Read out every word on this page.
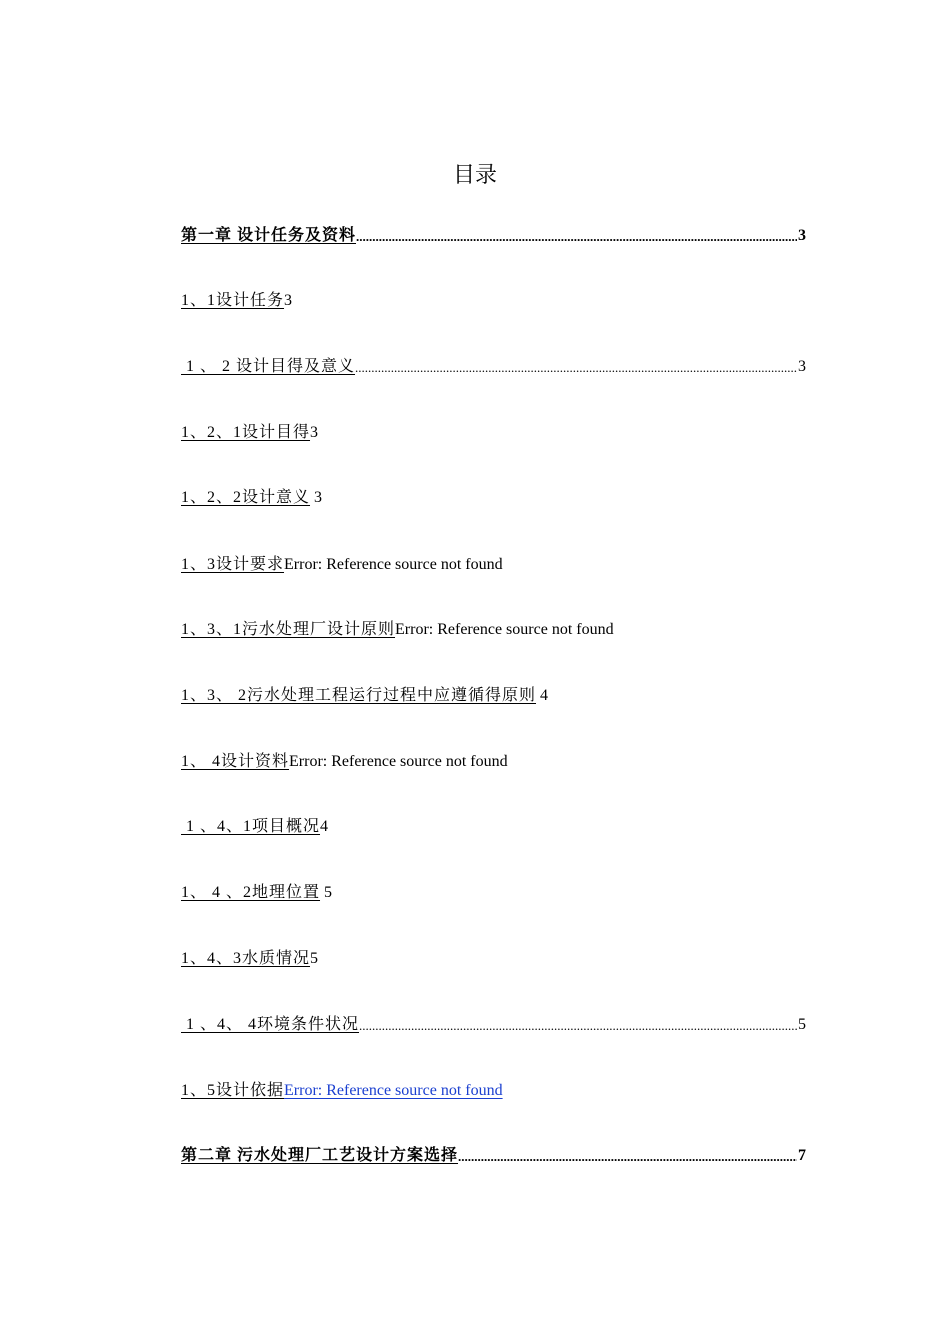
目录
第一章 设计任务及资料 .....	3
1、1设计任务 3
1 、 2 设计目得及意义 .....	3
1、2、1设计目得 3
1、2、2设计意义 3
1、3设计要求 Error: Reference source not found
1、3、1污水处理厂设计原则 Error: Reference source not found
1、3、 2污水处理工程运行过程中应遵循得原则 4
1、 4设计资料 Error: Reference source not found
1 、4、1项目概况 4
1、 4 、2地理位置 5
1、4、3水质情况 5
1 、4、 4环境条件状况 .....	5
1、5设计依据 Error: Reference source not found
第二章 污水处理厂工艺设计方案选择 .....	7
